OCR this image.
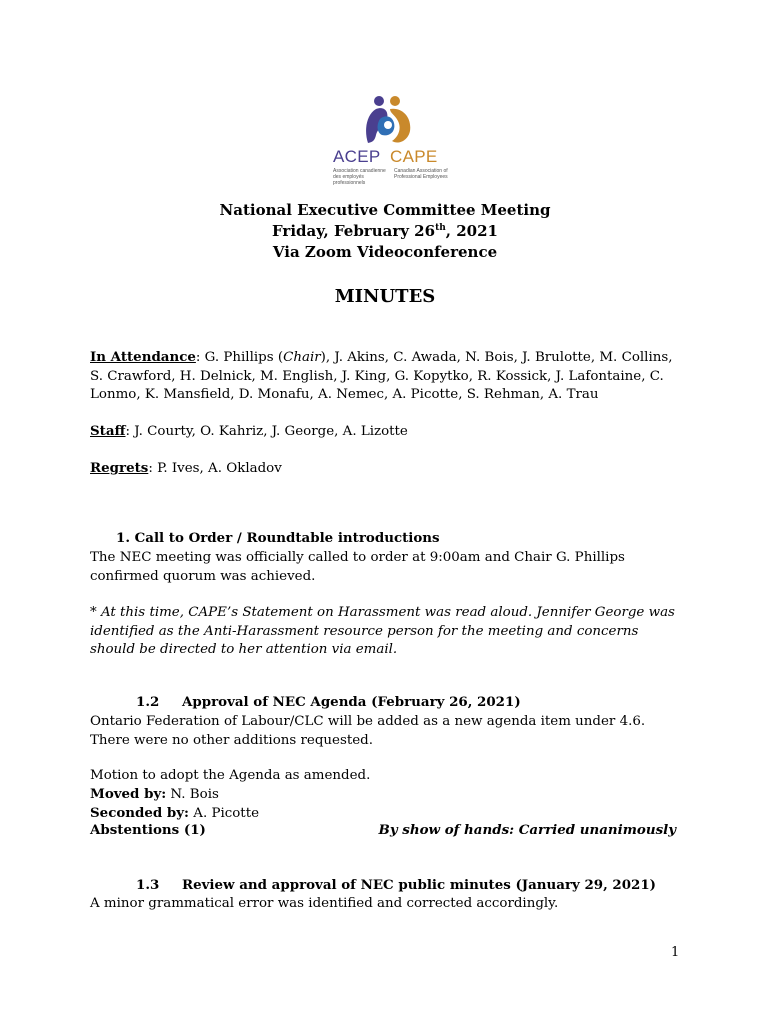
ACEP CAPE
Association canadienne des employés professionnels
Canadian Association of Professional Employees
National Executive Committee Meeting
Friday, February 26th, 2021
Via Zoom Videoconference
MINUTES
In Attendance: G. Phillips (Chair), J. Akins, C. Awada, N. Bois, J. Brulotte, M. Collins, S. Crawford, H. Delnick, M. English, J. King, G. Kopytko, R. Kossick, J. Lafontaine, C. Lonmo, K. Mansfield, D. Monafu, A. Nemec, A. Picotte, S. Rehman, A. Trau
Staff: J. Courty, O. Kahriz, J. George, A. Lizotte
Regrets: P. Ives, A. Okladov
1. Call to Order / Roundtable introductions
The NEC meeting was officially called to order at 9:00am and Chair G. Phillips confirmed quorum was achieved.
* At this time, CAPE’s Statement on Harassment was read aloud. Jennifer George was identified as the Anti-Harassment resource person for the meeting and concerns should be directed to her attention via email.
1.2 Approval of NEC Agenda (February 26, 2021)
Ontario Federation of Labour/CLC will be added as a new agenda item under 4.6. There were no other additions requested.
Motion to adopt the Agenda as amended.
Moved by: N. Bois
Seconded by: A. Picotte
Abstentions (1)	By show of hands: Carried unanimously
1.3 Review and approval of NEC public minutes (January 29, 2021)
A minor grammatical error was identified and corrected accordingly.
1
